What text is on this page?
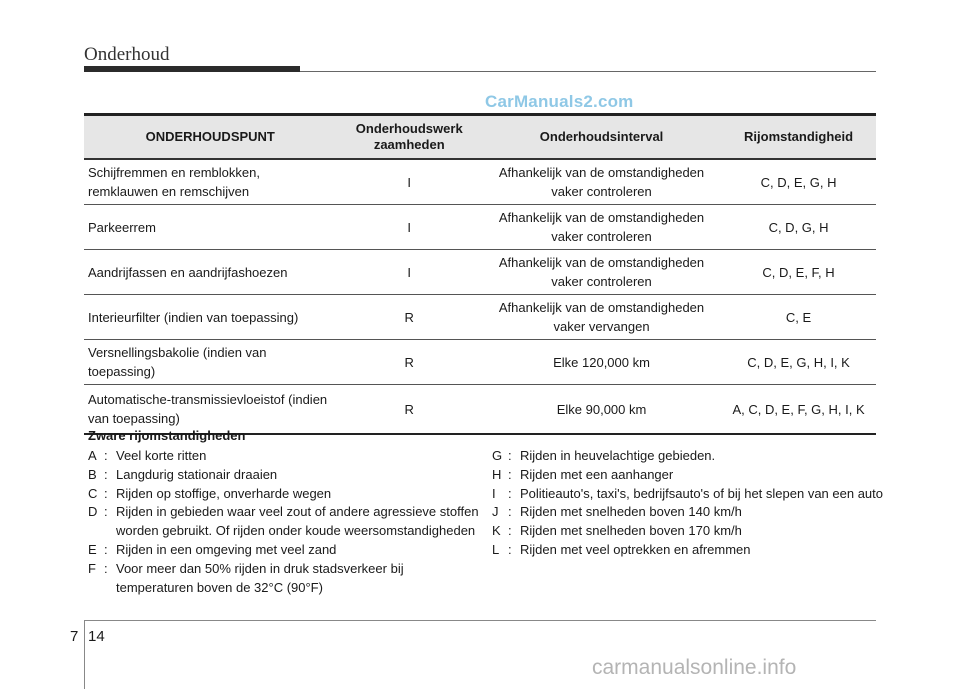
Onderhoud
CarManuals2.com
ONDERHOUDSPUNT	Onderhoudswerk zaamheden	Onderhoudsinterval	Rijomstandigheid
Schijfremmen en remblokken, remklauwen en remschijven	I	Afhankelijk van de omstandigheden vaker controleren	C, D, E, G, H
Parkeerrem	I	Afhankelijk van de omstandigheden vaker controleren	C, D, G, H
Aandrijfassen en aandrijfashoezen	I	Afhankelijk van de omstandigheden vaker controleren	C, D, E, F, H
Interieurfilter (indien van toepassing)	R	Afhankelijk van de omstandigheden vaker vervangen	C, E
Versnellingsbakolie (indien van toepassing)	R	Elke 120,000 km	C, D, E, G, H, I, K
Automatische-transmissievloeistof (indien van toepassing)	R	Elke 90,000 km	A, C, D, E, F, G, H, I, K
Zware rijomstandigheden
A : Veel korte ritten
B : Langdurig stationair draaien
C : Rijden op stoffige, onverharde wegen
D : Rijden in gebieden waar veel zout of andere agressieve stoffen worden gebruikt. Of rijden onder koude weersomstandigheden
E : Rijden in een omgeving met veel zand
F : Voor meer dan 50% rijden in druk stadsverkeer bij temperaturen boven de 32°C (90°F)
G : Rijden in heuvelachtige gebieden.
H : Rijden met een aanhanger
I : Politieauto's, taxi's, bedrijfsauto's of bij het slepen van een auto
J : Rijden met snelheden boven 140 km/h
K : Rijden met snelheden boven 170 km/h
L : Rijden met veel optrekken en afremmen
7 14
carmanualsonline.info
